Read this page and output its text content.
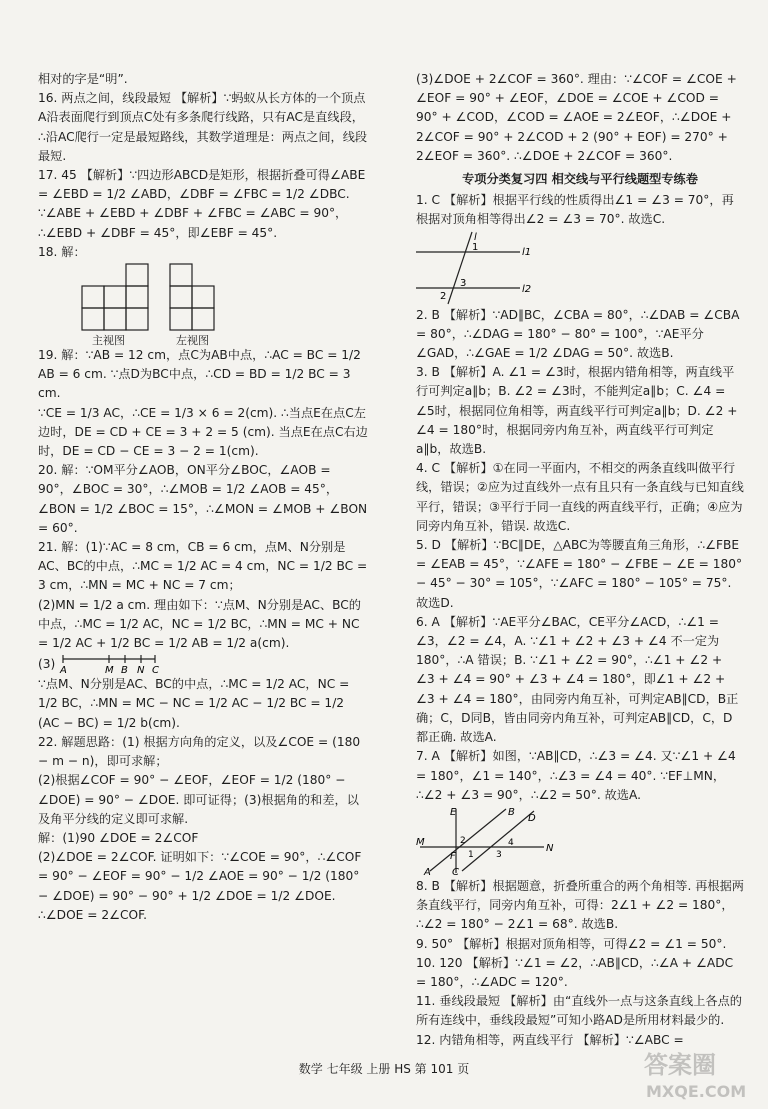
相对的字是“明”.

16. 两点之间，线段最短 【解析】∵蚂蚁从长方体的一个顶点A沿表面爬行到顶点C处有多条爬行线路，只有AC是直线段，∴沿AC爬行一定是最短路线，其数学道理是：两点之间，线段最短.

17. 45 【解析】∵四边形ABCD是矩形，根据折叠可得∠ABE = ∠EBD = 1/2 ∠ABD，∠DBF = ∠FBC = 1/2 ∠DBC.

∵∠ABE + ∠EBD + ∠DBF + ∠FBC = ∠ABC = 90°，

∴∠EBD + ∠DBF = 45°，即∠EBF = 45°.

18. 解：

主视图	左视图

19. 解：∵AB = 12 cm，点C为AB中点，∴AC = BC = 1/2 AB = 6 cm. ∵点D为BC中点，∴CD = BD = 1/2 BC = 3 cm.

∵CE = 1/3 AC，∴CE = 1/3 × 6 = 2(cm). ∴当点E在点C左边时，DE = CD + CE = 3 + 2 = 5 (cm). 当点E在点C右边时，DE = CD − CE = 3 − 2 = 1(cm).

20. 解：∵OM平分∠AOB，ON平分∠BOC，∠AOB = 90°，∠BOC = 30°，∴∠MOB = 1/2 ∠AOB = 45°，∠BON = 1/2 ∠BOC = 15°，∴∠MON = ∠MOB + ∠BON = 60°.

21. 解：(1)∵AC = 8 cm，CB = 6 cm，点M、N分别是AC、BC的中点，∴MC = 1/2 AC = 4 cm，NC = 1/2 BC = 3 cm，∴MN = MC + NC = 7 cm；

(2)MN = 1/2 a cm. 理由如下：∵点M、N分别是AC、BC的中点，∴MC = 1/2 AC，NC = 1/2 BC，∴MN = MC + NC = 1/2 AC + 1/2 BC = 1/2 AB = 1/2 a(cm).

(3)

A	M B N C

∵点M、N分别是AC、BC的中点，∴MC = 1/2 AC，NC = 1/2 BC，∴MN = MC − NC = 1/2 AC − 1/2 BC = 1/2 (AC − BC) = 1/2 b(cm).

22. 解题思路：(1) 根据方向角的定义，以及∠COE = (180 − m − n)，即可求解；

(2)根据∠COF = 90° − ∠EOF，∠EOF = 1/2 (180° − ∠DOE) = 90° − ∠DOE. 即可证得；(3)根据角的和差，以及角平分线的定义即可求解.

解：(1)90 ∠DOE = 2∠COF

(2)∠DOE = 2∠COF. 证明如下：∵∠COE = 90°，∴∠COF = 90° − ∠EOF = 90° − 1/2 ∠AOE = 90° − 1/2 (180° − ∠DOE) = 90° − 90° + 1/2 ∠DOE = 1/2 ∠DOE. ∴∠DOE = 2∠COF.

(3)∠DOE + 2∠COF = 360°. 理由：∵∠COF = ∠COE + ∠EOF = 90° + ∠EOF，∠DOE = ∠COE + ∠COD = 90° + ∠COD，∠COD = ∠AOE = 2∠EOF，∴∠DOE + 2∠COF = 90° + 2∠COD + 2 (90° + EOF) = 270° + 2∠EOF = 360°. ∴∠DOE + 2∠COF = 360°.

专项分类复习四 相交线与平行线题型专练卷

1. C 【解析】根据平行线的性质得出∠1 = ∠3 = 70°，再根据对顶角相等得出∠2 = ∠3 = 70°. 故选C.

l
1	l1
3
2
l2

2. B 【解析】∵AD∥BC，∠CBA = 80°，∴∠DAB = ∠CBA = 80°，∴∠DAG = 180° − 80° = 100°，∵AE平分∠GAD，∴∠GAE = 1/2 ∠DAG = 50°. 故选B.

3. B 【解析】A. ∠1 = ∠3时，根据内错角相等，两直线平行可判定a∥b；B. ∠2 = ∠3时，不能判定a∥b；C. ∠4 = ∠5时，根据同位角相等，两直线平行可判定a∥b；D. ∠2 + ∠4 = 180°时，根据同旁内角互补，两直线平行可判定a∥b，故选B.

4. C 【解析】①在同一平面内，不相交的两条直线叫做平行线，错误；②应为过直线外一点有且只有一条直线与已知直线平行，错误；③平行于同一直线的两直线平行，正确；④应为同旁内角互补，错误. 故选C.

5. D 【解析】∵BC∥DE，△ABC为等腰直角三角形，∴∠FBE = ∠EAB = 45°，∵∠AFE = 180° − ∠FBE − ∠E = 180° − 45° − 30° = 105°，∵∠AFC = 180° − 105° = 75°. 故选D.

6. A 【解析】∵AE平分∠BAC，CE平分∠ACD，∴∠1 = ∠3，∠2 = ∠4，A. ∵∠1 + ∠2 + ∠3 + ∠4 不一定为180°，∴A 错误；B. ∵∠1 + ∠2 = 90°，∴∠1 + ∠2 + ∠3 + ∠4 = 90° + ∠3 + ∠4 = 180°，即∠1 + ∠2 + ∠3 + ∠4 = 180°，由同旁内角互补，可判定AB∥CD，B正确；C，D同B，皆由同旁内角互补，可判定AB∥CD，C，D都正确. 故选A.

7. A 【解析】如图，∵AB∥CD，∴∠3 = ∠4. 又∵∠1 + ∠4 = 180°，∠1 = 140°，∴∠3 = ∠4 = 40°. ∵EF⊥MN，∴∠2 + ∠3 = 90°，∴∠2 = 50°. 故选A.

E	B
M
F
2
1 3
4	N
C
D
A

8. B 【解析】根据题意，折叠所重合的两个角相等. 再根据两条直线平行，同旁内角互补，可得：2∠1 + ∠2 = 180°，∴∠2 = 180° − 2∠1 = 68°. 故选B.

9. 50° 【解析】根据对顶角相等，可得∠2 = ∠1 = 50°.

10. 120 【解析】∵∠1 = ∠2，∴AB∥CD，∴∠A + ∠ADC = 180°，∴∠ADC = 120°.

11. 垂线段最短 【解析】由“直线外一点与这条直线上各点的所有连线中，垂线段最短”可知小路AD是所用材料最少的.

12. 内错角相等，两直线平行 【解析】∵∠ABC =

数学 七年级 上册 HS 第 101 页	答案圈
MXQE.COM
